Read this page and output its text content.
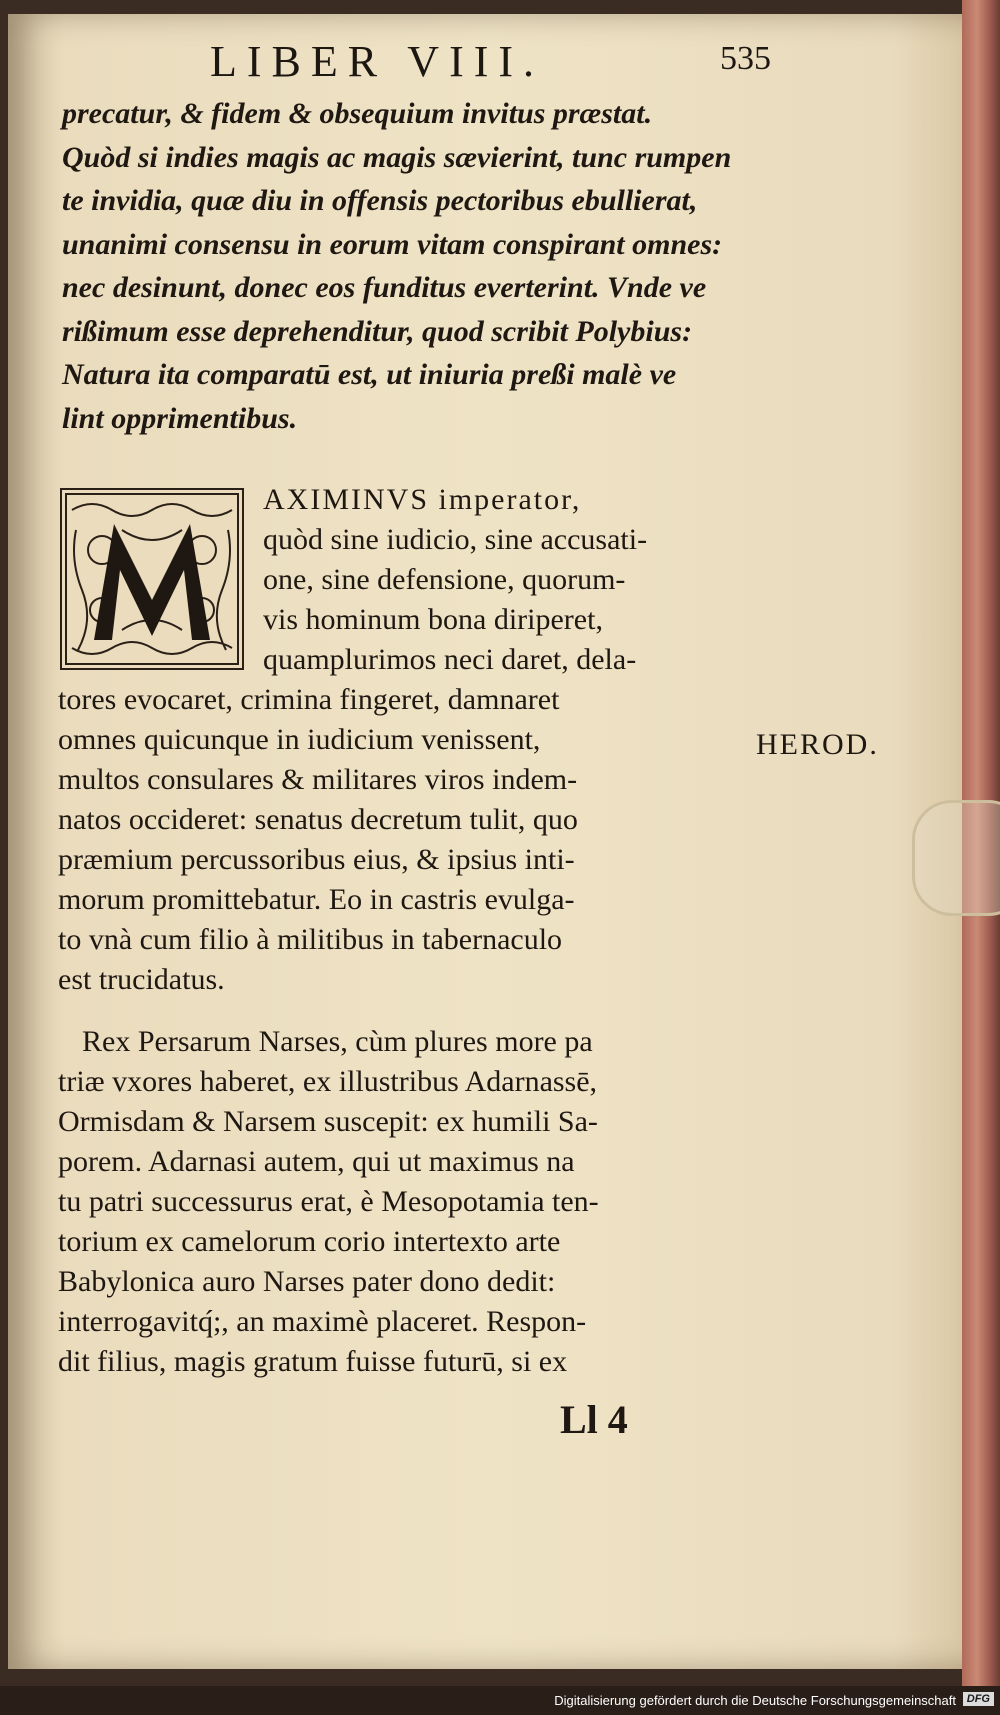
LIBER VIII.	535
precatur, & fidem & obsequium invitus præstat.
Quòd si indies magis ac magis sævierint, tunc rumpen
te invidia, quæ diu in offensis pectoribus ebullierat,
unanimi consensu in eorum vitam conspirant omnes:
nec desinunt, donec eos funditus everterint. Vnde ve
rißimum esse deprehenditur, quod scribit Polybius:
Natura ita comparatū est, ut iniuria preßi malè ve
lint opprimentibus.
AXIMINVS imperator,
quòd sine iudicio, sine accusati-
one, sine defensione, quorum-
vis hominum bona diriperet,
quamplurimos neci daret, dela-
tores evocaret, crimina fingeret, damnaret
omnes quicunque in iudicium venissent,
multos consulares & militares viros indem-
natos occideret: senatus decretum tulit, quo
præmium percussoribus eius, & ipsius inti-
morum promittebatur. Eo in castris evulga-
to vnà cum filio à militibus in tabernaculo
est trucidatus.
HEROD.
Rex Persarum Narses, cùm plures more pa
triæ vxores haberet, ex illustribus Adarnassē,
Ormisdam & Narsem suscepit: ex humili Sa-
porem. Adarnasi autem, qui ut maximus na
tu patri successurus erat, è Mesopotamia ten-
torium ex camelorum corio intertexto arte
Babylonica auro Narses pater dono dedit:
interrogavitq́;, an maximè placeret. Respon-
dit filius, magis gratum fuisse futurū, si ex
Ll 4
Digitalisierung gefördert durch die Deutsche Forschungsgemeinschaft DFG
